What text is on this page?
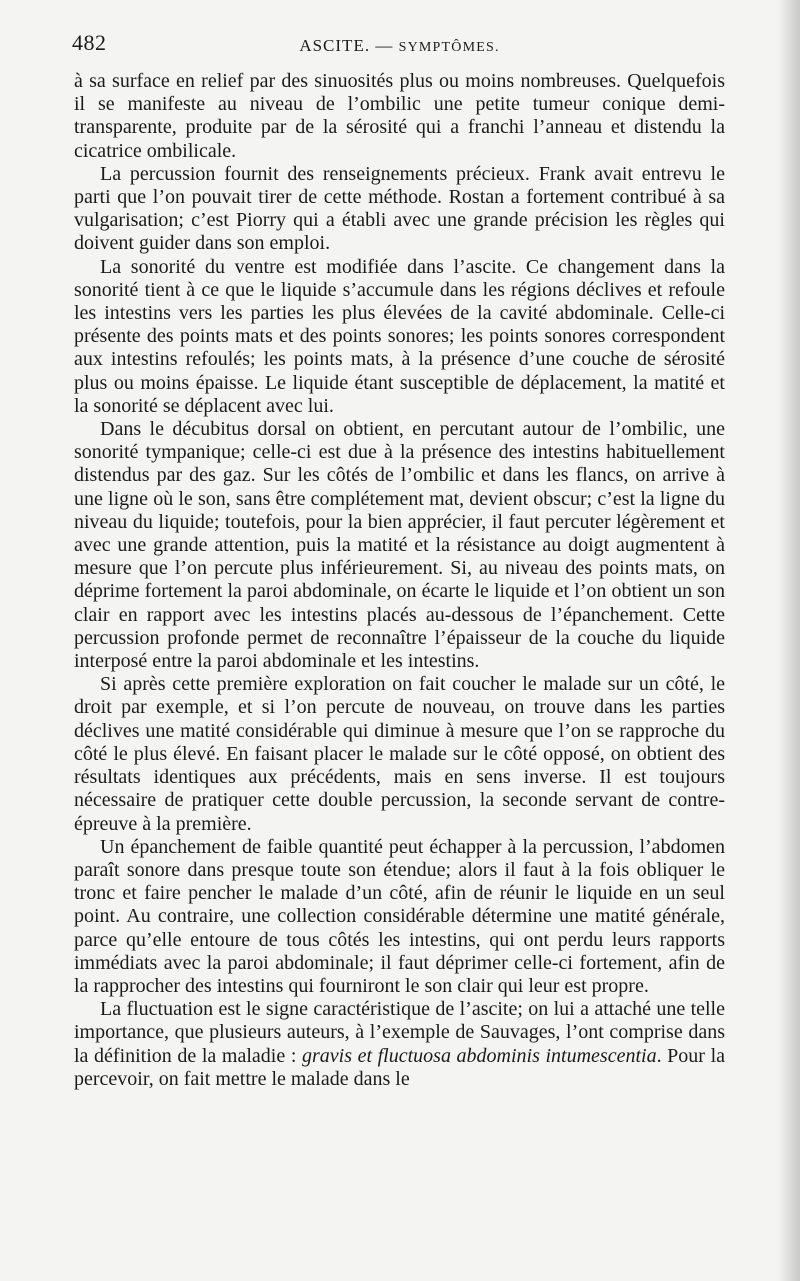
482	ASCITE. — SYMPTÔMES.

à sa surface en relief par des sinuosités plus ou moins nombreuses. Quelquefois il se manifeste au niveau de l’ombilic une petite tumeur conique demi-transparente, produite par de la sérosité qui a franchi l’anneau et distendu la cicatrice ombilicale.

La percussion fournit des renseignements précieux. Frank avait entrevu le parti que l’on pouvait tirer de cette méthode. Rostan a fortement contribué à sa vulgarisation; c’est Piorry qui a établi avec une grande précision les règles qui doivent guider dans son emploi.

La sonorité du ventre est modifiée dans l’ascite. Ce changement dans la sonorité tient à ce que le liquide s’accumule dans les régions déclives et refoule les intestins vers les parties les plus élevées de la cavité abdominale. Celle-ci présente des points mats et des points sonores; les points sonores correspondent aux intestins refoulés; les points mats, à la présence d’une couche de sérosité plus ou moins épaisse. Le liquide étant susceptible de déplacement, la matité et la sonorité se déplacent avec lui.

Dans le décubitus dorsal on obtient, en percutant autour de l’ombilic, une sonorité tympanique; celle-ci est due à la présence des intestins habituellement distendus par des gaz. Sur les côtés de l’ombilic et dans les flancs, on arrive à une ligne où le son, sans être complétement mat, devient obscur; c’est la ligne du niveau du liquide; toutefois, pour la bien apprécier, il faut percuter légèrement et avec une grande attention, puis la matité et la résistance au doigt augmentent à mesure que l’on percute plus inférieurement. Si, au niveau des points mats, on déprime fortement la paroi abdominale, on écarte le liquide et l’on obtient un son clair en rapport avec les intestins placés au-dessous de l’épanchement. Cette percussion profonde permet de reconnaître l’épaisseur de la couche du liquide interposé entre la paroi abdominale et les intestins.

Si après cette première exploration on fait coucher le malade sur un côté, le droit par exemple, et si l’on percute de nouveau, on trouve dans les parties déclives une matité considérable qui diminue à mesure que l’on se rapproche du côté le plus élevé. En faisant placer le malade sur le côté opposé, on obtient des résultats identiques aux précédents, mais en sens inverse. Il est toujours nécessaire de pratiquer cette double percussion, la seconde servant de contre-épreuve à la première.

Un épanchement de faible quantité peut échapper à la percussion, l’abdomen paraît sonore dans presque toute son étendue; alors il faut à la fois obliquer le tronc et faire pencher le malade d’un côté, afin de réunir le liquide en un seul point. Au contraire, une collection considérable détermine une matité générale, parce qu’elle entoure de tous côtés les intestins, qui ont perdu leurs rapports immédiats avec la paroi abdominale; il faut déprimer celle-ci fortement, afin de la rapprocher des intestins qui fourniront le son clair qui leur est propre.

La fluctuation est le signe caractéristique de l’ascite; on lui a attaché une telle importance, que plusieurs auteurs, à l’exemple de Sauvages, l’ont comprise dans la définition de la maladie : gravis et fluctuosa abdominis intumescentia. Pour la percevoir, on fait mettre le malade dans le
